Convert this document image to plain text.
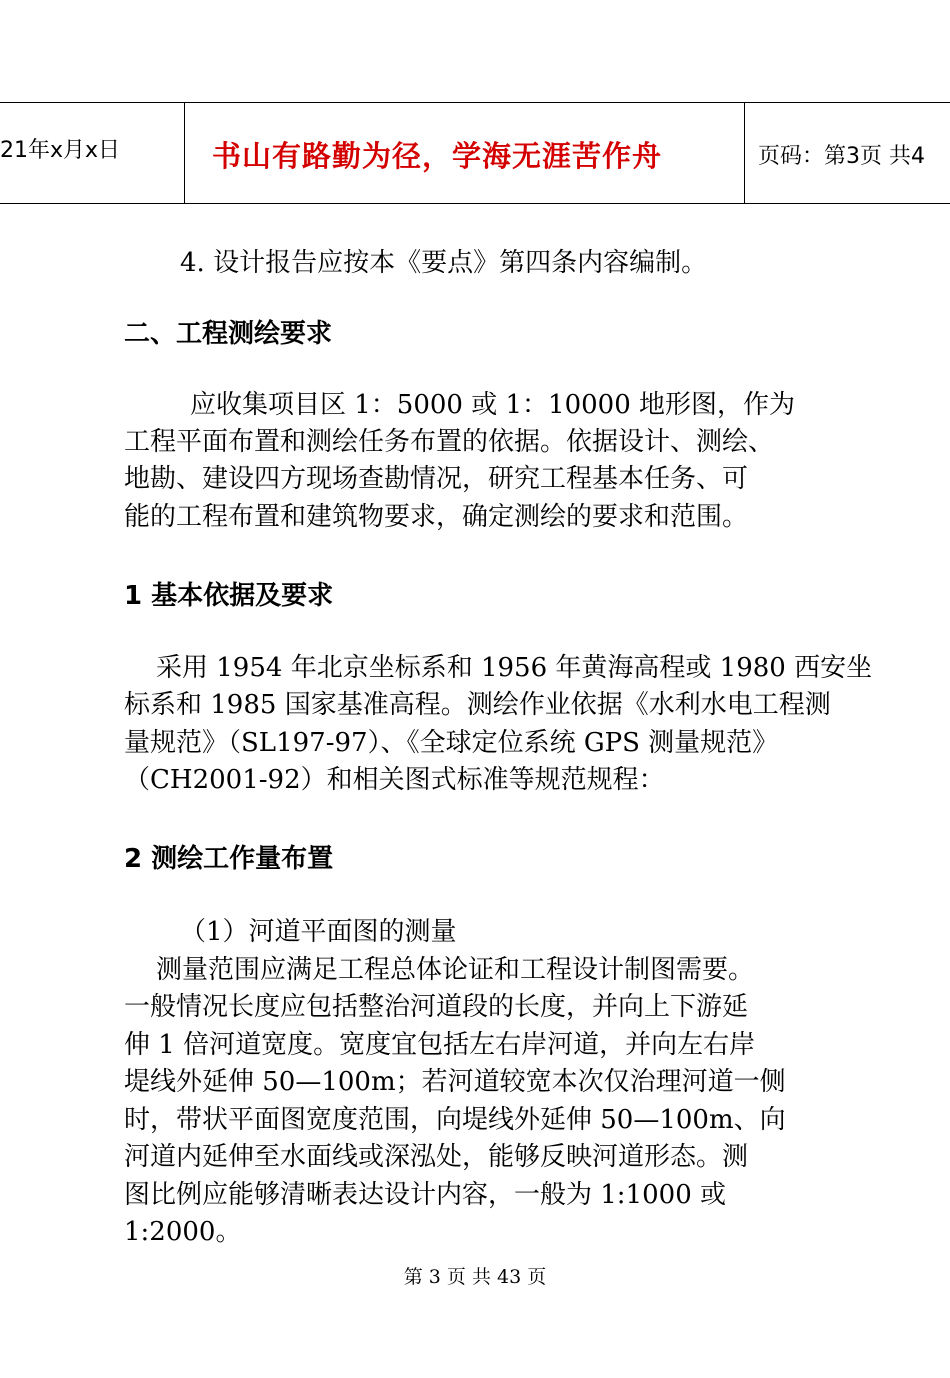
21年x月x日	书山有路勤为径，学海无涯苦作舟	页码：第3页 共4
4. 设计报告应按本《要点》第四条内容编制。
二、工程测绘要求
应收集项目区 1：5000 或 1：10000 地形图，作为
工程平面布置和测绘任务布置的依据。依据设计、测绘、
地勘、建设四方现场查勘情况，研究工程基本任务、可
能的工程布置和建筑物要求，确定测绘的要求和范围。
1 基本依据及要求
采用 1954 年北京坐标系和 1956 年黄海高程或 1980 西安坐
标系和 1985 国家基准高程。测绘作业依据《水利水电工程测
量规范》（SL197-97）、《全球定位系统 GPS 测量规范》
（CH2001-92）和相关图式标准等规范规程：
2 测绘工作量布置
（1）河道平面图的测量
测量范围应满足工程总体论证和工程设计制图需要。
一般情况长度应包括整治河道段的长度，并向上下游延
伸 1 倍河道宽度。宽度宜包括左右岸河道，并向左右岸
堤线外延伸 50—100m；若河道较宽本次仅治理河道一侧
时，带状平面图宽度范围，向堤线外延伸 50—100m、向
河道内延伸至水面线或深泓处，能够反映河道形态。测
图比例应能够清晰表达设计内容，一般为 1:1000 或
1:2000。
第 3 页 共 43 页
